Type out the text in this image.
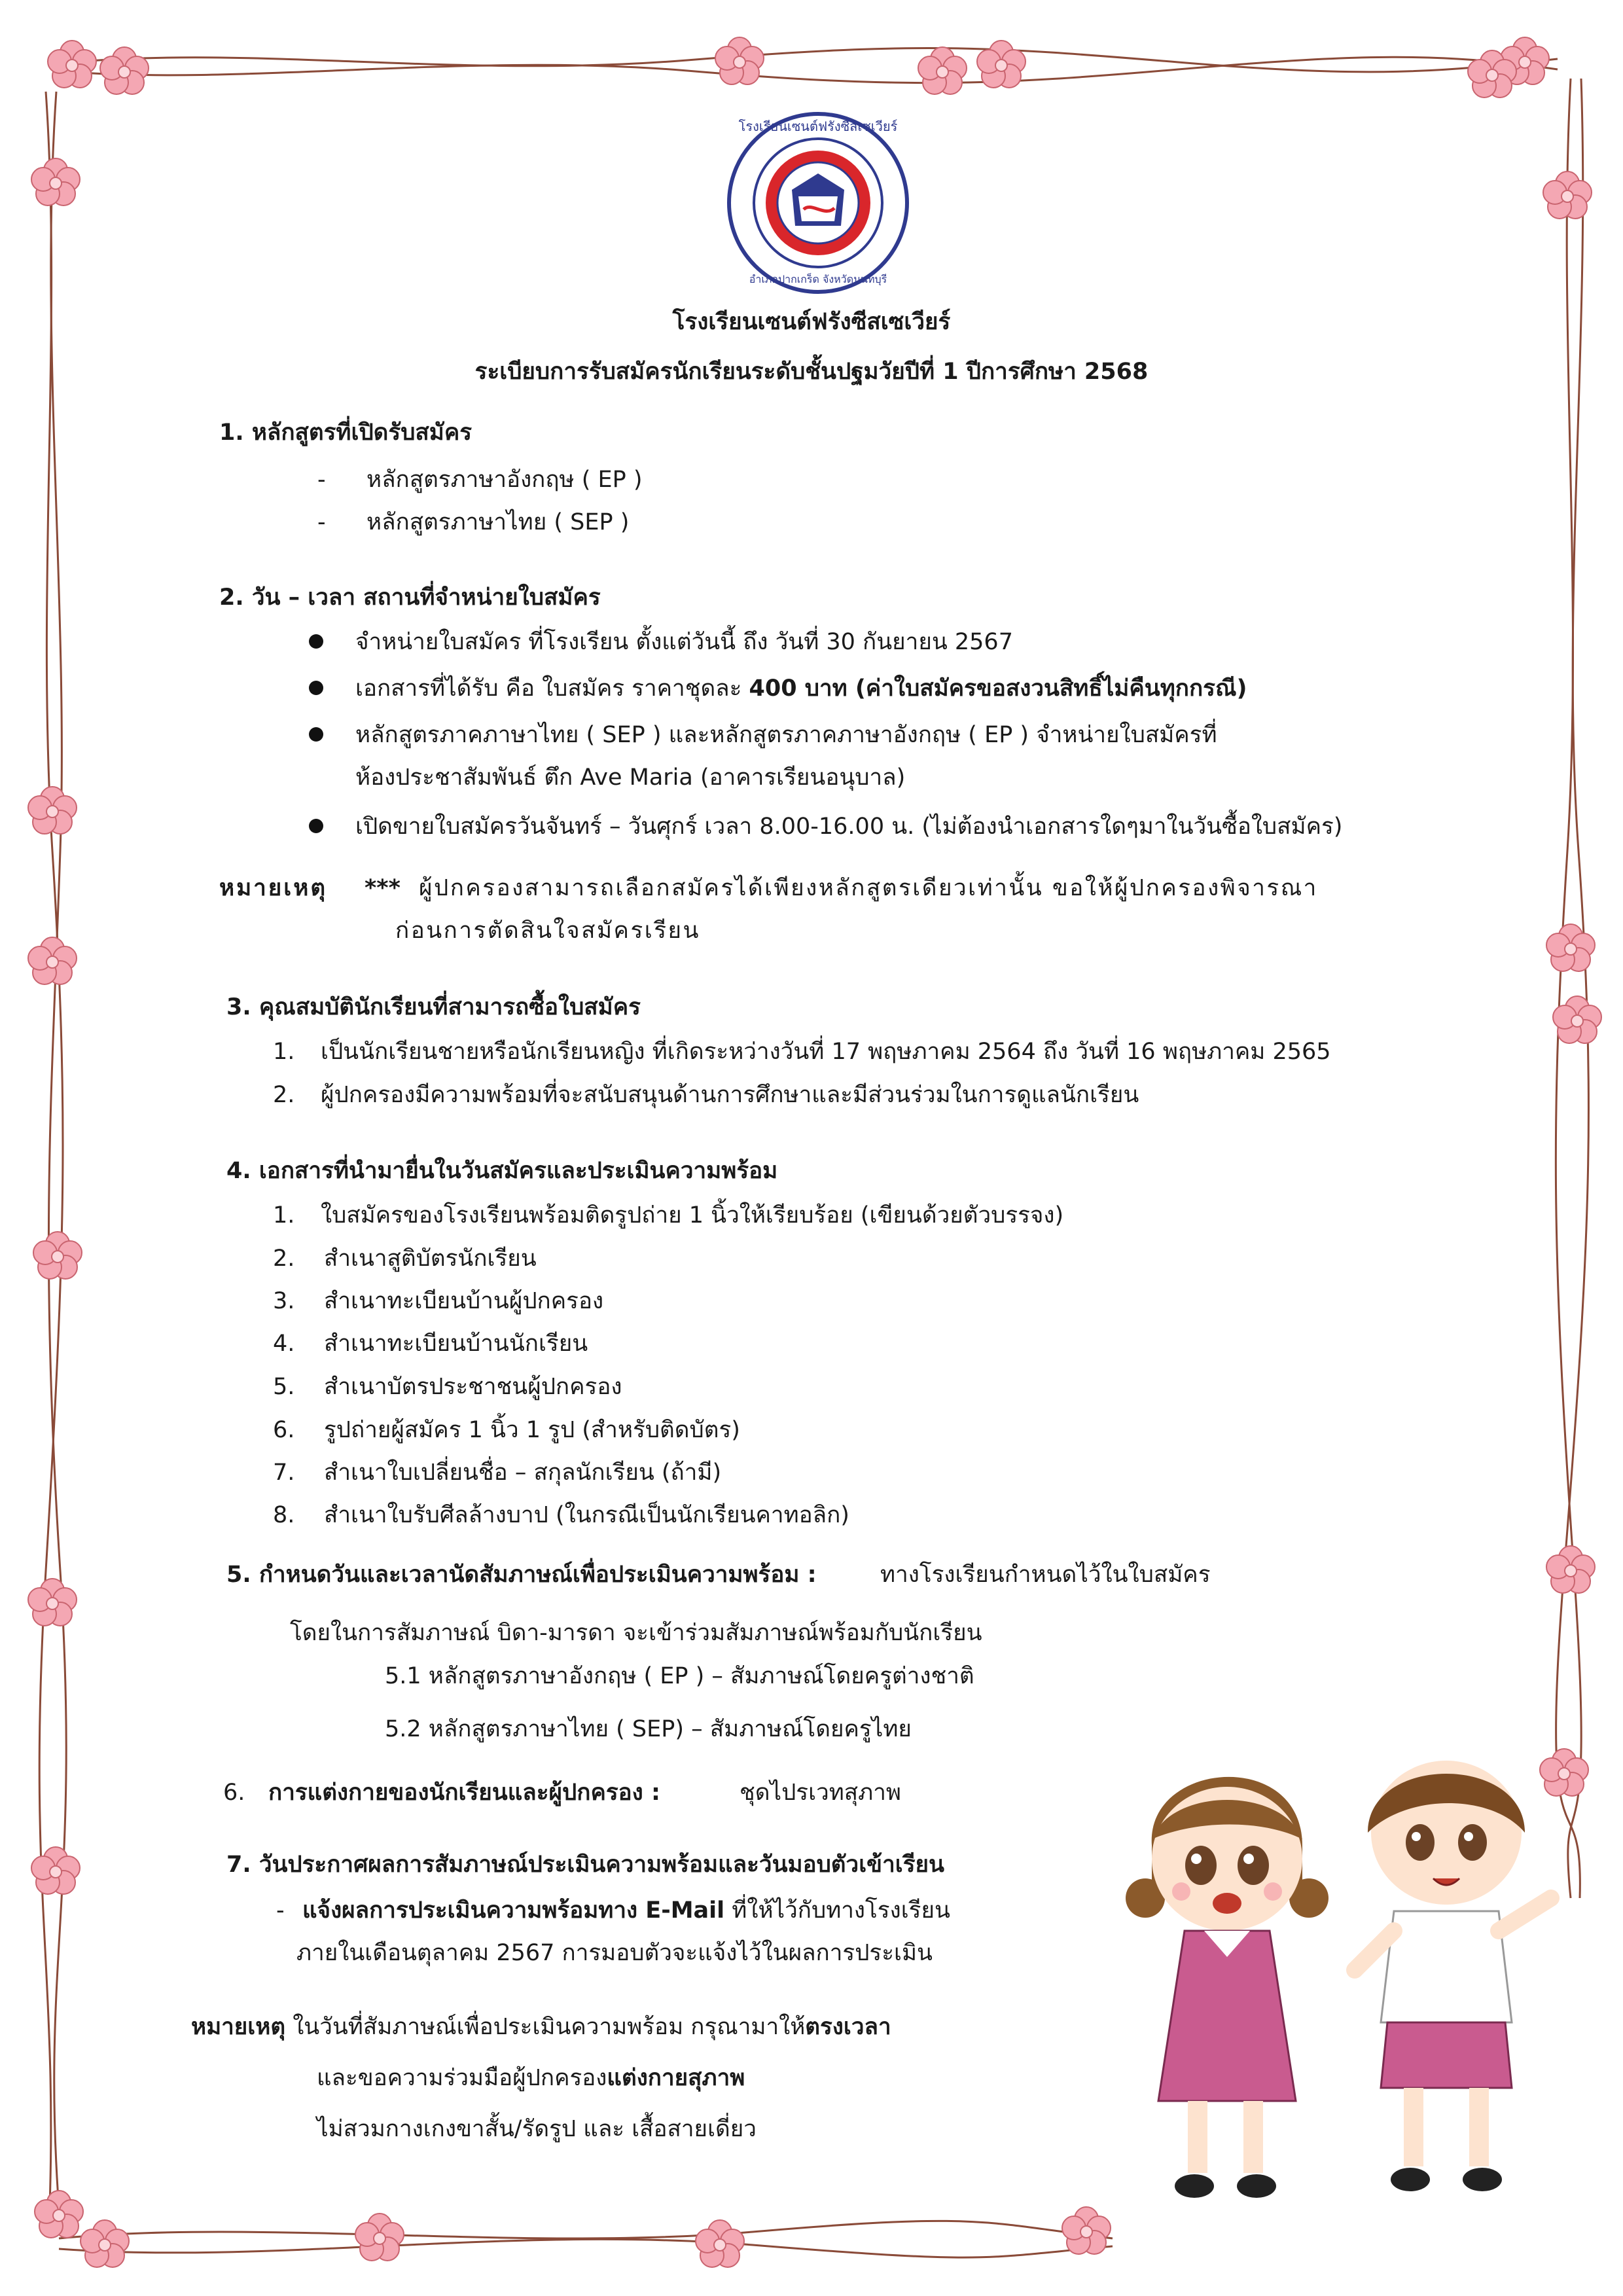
โรงเรียนเซนต์ฟรังซีสเซเวียร์
อำเภอปากเกร็ด จังหวัดนนทบุรี
โรงเรียนเซนต์ฟรังซีสเซเวียร์
ระเบียบการรับสมัครนักเรียนระดับชั้นปฐมวัยปีที่ 1 ปีการศึกษา 2568
1. หลักสูตรที่เปิดรับสมัคร
- หลักสูตรภาษาอังกฤษ ( EP )
- หลักสูตรภาษาไทย ( SEP )
2. วัน – เวลา สถานที่จำหน่ายใบสมัคร
จำหน่ายใบสมัคร ที่โรงเรียน ตั้งแต่วันนี้ ถึง วันที่ 30 กันยายน 2567
เอกสารที่ได้รับ คือ ใบสมัคร ราคาชุดละ 400 บาท (ค่าใบสมัครขอสงวนสิทธิ์ไม่คืนทุกกรณี)
หลักสูตรภาคภาษาไทย ( SEP ) และหลักสูตรภาคภาษาอังกฤษ ( EP ) จำหน่ายใบสมัครที่
ห้องประชาสัมพันธ์ ตึก Ave Maria (อาคารเรียนอนุบาล)
เปิดขายใบสมัครวันจันทร์ – วันศุกร์ เวลา 8.00-16.00 น. (ไม่ต้องนำเอกสารใดๆมาในวันซื้อใบสมัคร)
หมายเหตุ *** ผู้ปกครองสามารถเลือกสมัครได้เพียงหลักสูตรเดียวเท่านั้น ขอให้ผู้ปกครองพิจารณา
ก่อนการตัดสินใจสมัครเรียน
3. คุณสมบัตินักเรียนที่สามารถซื้อใบสมัคร
1. เป็นนักเรียนชายหรือนักเรียนหญิง ที่เกิดระหว่างวันที่ 17 พฤษภาคม 2564 ถึง วันที่ 16 พฤษภาคม 2565
2. ผู้ปกครองมีความพร้อมที่จะสนับสนุนด้านการศึกษาและมีส่วนร่วมในการดูแลนักเรียน
4. เอกสารที่นำมายื่นในวันสมัครและประเมินความพร้อม
1. ใบสมัครของโรงเรียนพร้อมติดรูปถ่าย 1 นิ้วให้เรียบร้อย (เขียนด้วยตัวบรรจง)
2. สำเนาสูติบัตรนักเรียน
3. สำเนาทะเบียนบ้านผู้ปกครอง
4. สำเนาทะเบียนบ้านนักเรียน
5. สำเนาบัตรประชาชนผู้ปกครอง
6. รูปถ่ายผู้สมัคร 1 นิ้ว 1 รูป (สำหรับติดบัตร)
7. สำเนาใบเปลี่ยนชื่อ – สกุลนักเรียน (ถ้ามี)
8. สำเนาใบรับศีลล้างบาป (ในกรณีเป็นนักเรียนคาทอลิก)
5. กำหนดวันและเวลานัดสัมภาษณ์เพื่อประเมินความพร้อม :	ทางโรงเรียนกำหนดไว้ในใบสมัคร
โดยในการสัมภาษณ์ บิดา-มารดา จะเข้าร่วมสัมภาษณ์พร้อมกับนักเรียน
5.1 หลักสูตรภาษาอังกฤษ ( EP ) – สัมภาษณ์โดยครูต่างชาติ
5.2 หลักสูตรภาษาไทย ( SEP) – สัมภาษณ์โดยครูไทย
6. การแต่งกายของนักเรียนและผู้ปกครอง :	ชุดไปรเวทสุภาพ
7. วันประกาศผลการสัมภาษณ์ประเมินความพร้อมและวันมอบตัวเข้าเรียน
- แจ้งผลการประเมินความพร้อมทาง E-Mail ที่ให้ไว้กับทางโรงเรียน
ภายในเดือนตุลาคม 2567 การมอบตัวจะแจ้งไว้ในผลการประเมิน
หมายเหตุ ในวันที่สัมภาษณ์เพื่อประเมินความพร้อม กรุณามาให้ตรงเวลา
และขอความร่วมมือผู้ปกครองแต่งกายสุภาพ
ไม่สวมกางเกงขาสั้น/รัดรูป และ เสื้อสายเดี่ยว
